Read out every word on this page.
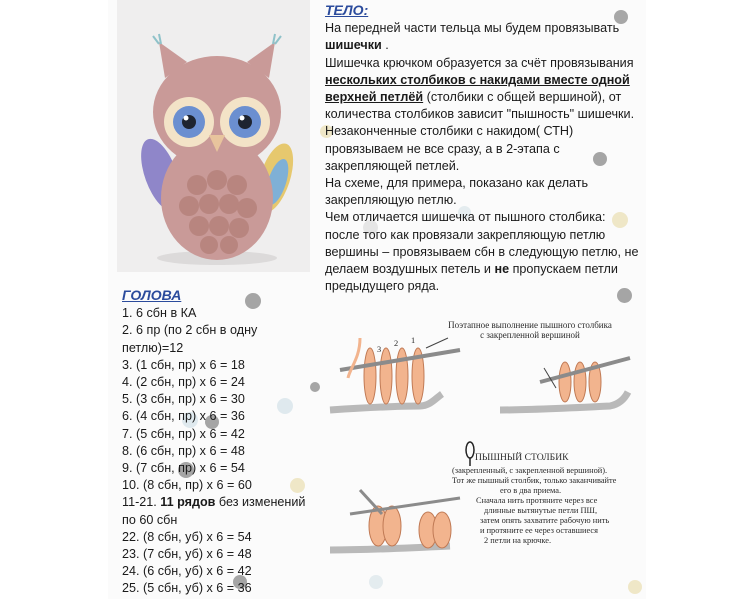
ТЕЛО:

На передней части тельца мы будем провязывать шишечки .

Шишечка крючком образуется за счёт провязывания нескольких столбиков с накидами вместе одной верхней петлёй (столбики с общей вершиной), от количества столбиков зависит "пышность" шишечки.

Незаконченные столбики с накидом( СТН) провязываем не все сразу, а в 2-этапа с закрепляющей петлей.

На схеме, для примера, показано как делать закрепляющую петлю.

Чем отличается шишечка от пышного столбика: после того как провязали закрепляющую петлю вершины – провязываем сбн в следующую петлю, не делаем воздушных петель и не пропускаем петли предыдущего ряда.

ГОЛОВА

1. 6 сбн в КА

2. 6 пр (по 2 сбн в одну петлю)=12

3. (1 сбн, пр) х 6 = 18

4. (2 сбн, пр) х 6 = 24

5. (3 сбн, пр) х 6 = 30

6. (4 сбн, пр) х 6 = 36

7. (5 сбн, пр) х 6 = 42

8. (6 сбн, пр) х 6 = 48

9. (7 сбн, пр) х 6 = 54

10. (8 сбн, пр) х 6 = 60

11-21. 11 рядов без изменений по 60 сбн

22. (8 сбн, уб) х 6 = 54

23. (7 сбн, уб) х 6 = 48

24. (6 сбн, уб) х 6 = 42

25. (5 сбн, уб) х 6 = 36

Поэтапное выполнение пышного столбика
с закрепленной вершиной
3
2 1
ПЫШНЫЙ СТОЛБИК
(закрепленный, с закрепленной вершиной).
Тот же пышный столбик, только заканчивайте
его в два приема.
Сначала нить протяните через все
длинные вытянутые петли ПШ,
затем опять захватите рабочую нить
и протяните ее через оставшиеся
2 петли на крючке.
